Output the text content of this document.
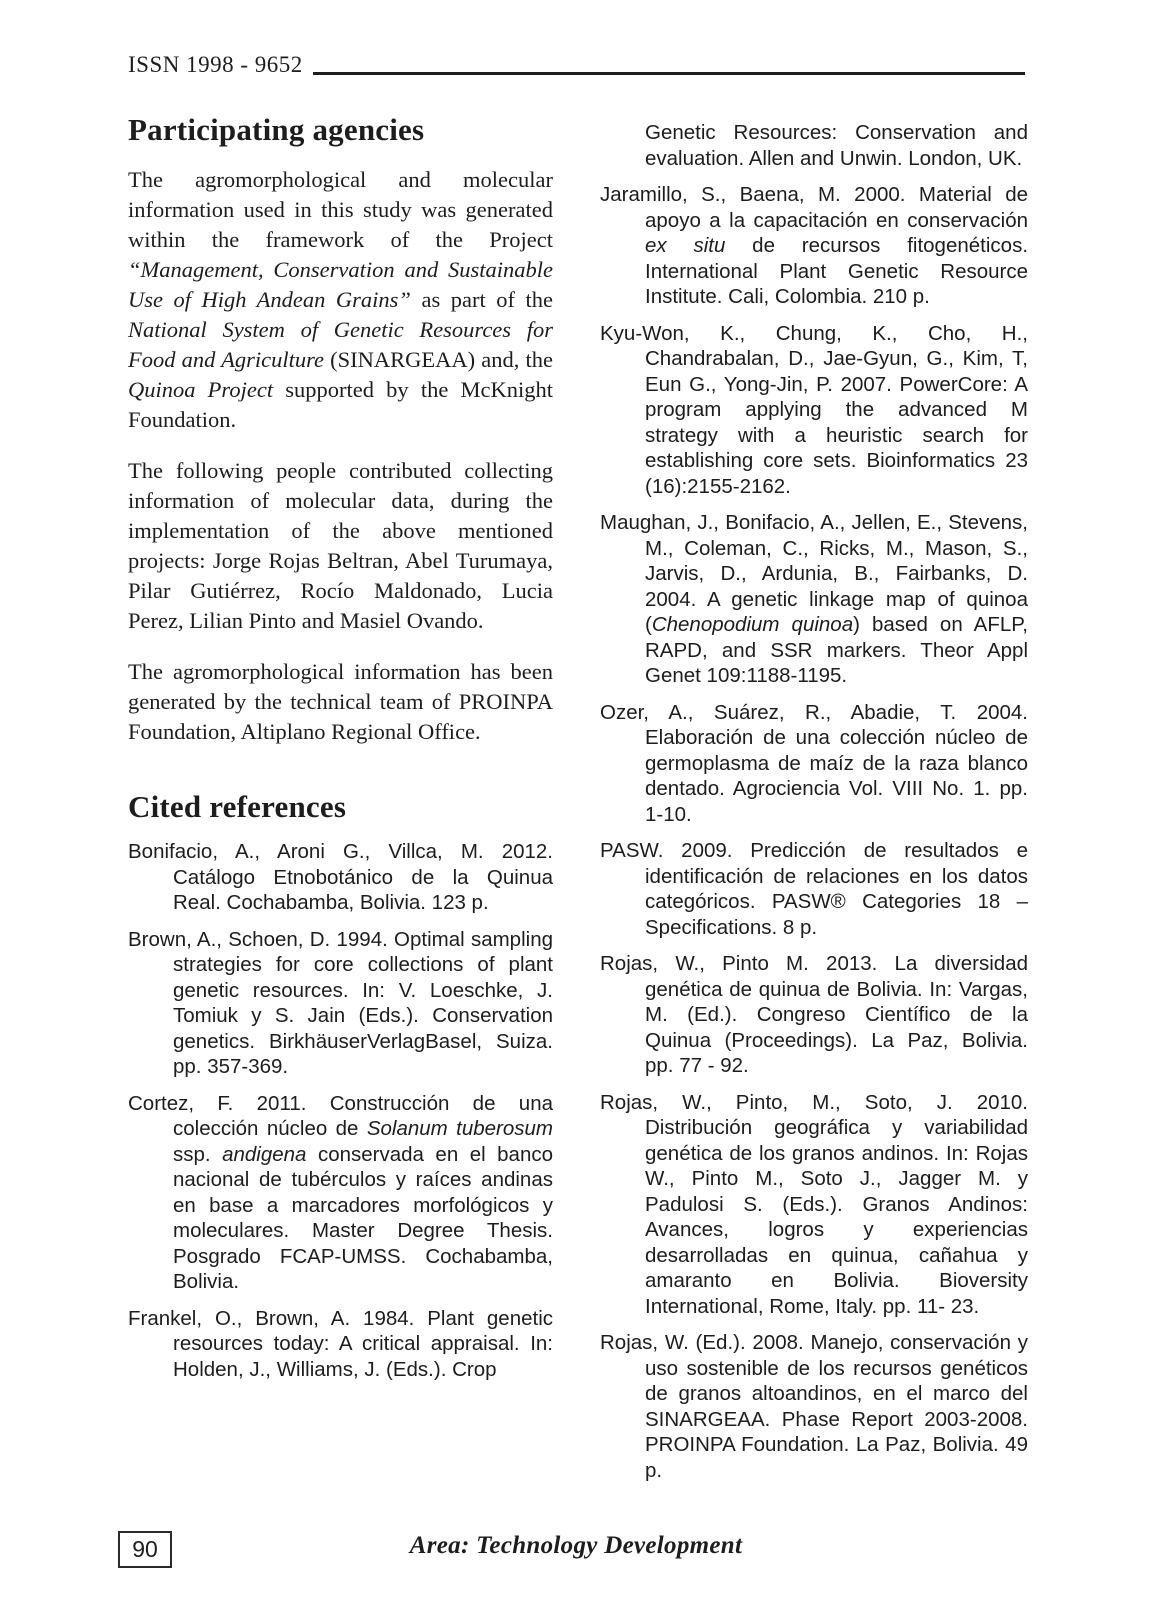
ISSN 1998 - 9652
Participating agencies

The agromorphological and molecular information used in this study was generated within the framework of the Project “Management, Conservation and Sustainable Use of High Andean Grains” as part of the National System of Genetic Resources for Food and Agriculture (SINARGEAA) and, the Quinoa Project supported by the McKnight Foundation.

The following people contributed collecting information of molecular data, during the implementation of the above mentioned projects: Jorge Rojas Beltran, Abel Turumaya, Pilar Gutiérrez, Rocío Maldonado, Lucia Perez, Lilian Pinto and Masiel Ovando.

The agromorphological information has been generated by the technical team of PROINPA Foundation, Altiplano Regional Office.

Cited references

Bonifacio, A., Aroni G., Villca, M. 2012. Catálogo Etnobotánico de la Quinua Real. Cochabamba, Bolivia. 123 p.

Brown, A., Schoen, D. 1994. Optimal sampling strategies for core collections of plant genetic resources. In: V. Loeschke, J. Tomiuk y S. Jain (Eds.). Conservation genetics. BirkhäuserVerlagBasel, Suiza. pp. 357-369.

Cortez, F. 2011. Construcción de una colección núcleo de Solanum tuberosum ssp. andigena conservada en el banco nacional de tubérculos y raíces andinas en base a marcadores morfológicos y moleculares. Master Degree Thesis. Posgrado FCAP-UMSS. Cochabamba, Bolivia.

Frankel, O., Brown, A. 1984. Plant genetic resources today: A critical appraisal. In: Holden, J., Williams, J. (Eds.). Crop

Genetic Resources: Conservation and evaluation. Allen and Unwin. London, UK.

Jaramillo, S., Baena, M. 2000. Material de apoyo a la capacitación en conservación ex situ de recursos fitogenéticos. International Plant Genetic Resource Institute. Cali, Colombia. 210 p.

Kyu-Won, K., Chung, K., Cho, H., Chandrabalan, D., Jae-Gyun, G., Kim, T, Eun G., Yong-Jin, P. 2007. PowerCore: A program applying the advanced M strategy with a heuristic search for establishing core sets. Bioinformatics 23 (16):2155-2162.

Maughan, J., Bonifacio, A., Jellen, E., Stevens, M., Coleman, C., Ricks, M., Mason, S., Jarvis, D., Ardunia, B., Fairbanks, D. 2004. A genetic linkage map of quinoa (Chenopodium quinoa) based on AFLP, RAPD, and SSR markers. Theor Appl Genet 109:1188-1195.

Ozer, A., Suárez, R., Abadie, T. 2004. Elaboración de una colección núcleo de germoplasma de maíz de la raza blanco dentado. Agrociencia Vol. VIII No. 1. pp. 1-10.

PASW. 2009. Predicción de resultados e identificación de relaciones en los datos categóricos. PASW® Categories 18 – Specifications. 8 p.

Rojas, W., Pinto M. 2013. La diversidad genética de quinua de Bolivia. In: Vargas, M. (Ed.). Congreso Científico de la Quinua (Proceedings). La Paz, Bolivia. pp. 77 - 92.

Rojas, W., Pinto, M., Soto, J. 2010. Distribución geográfica y variabilidad genética de los granos andinos. In: Rojas W., Pinto M., Soto J., Jagger M. y Padulosi S. (Eds.). Granos Andinos: Avances, logros y experiencias desarrolladas en quinua, cañahua y amaranto en Bolivia. Bioversity International, Rome, Italy. pp. 11- 23.

Rojas, W. (Ed.). 2008. Manejo, conservación y uso sostenible de los recursos genéticos de granos altoandinos, en el marco del SINARGEAA. Phase Report 2003-2008. PROINPA Foundation. La Paz, Bolivia. 49 p.

90	Area: Technology Development
